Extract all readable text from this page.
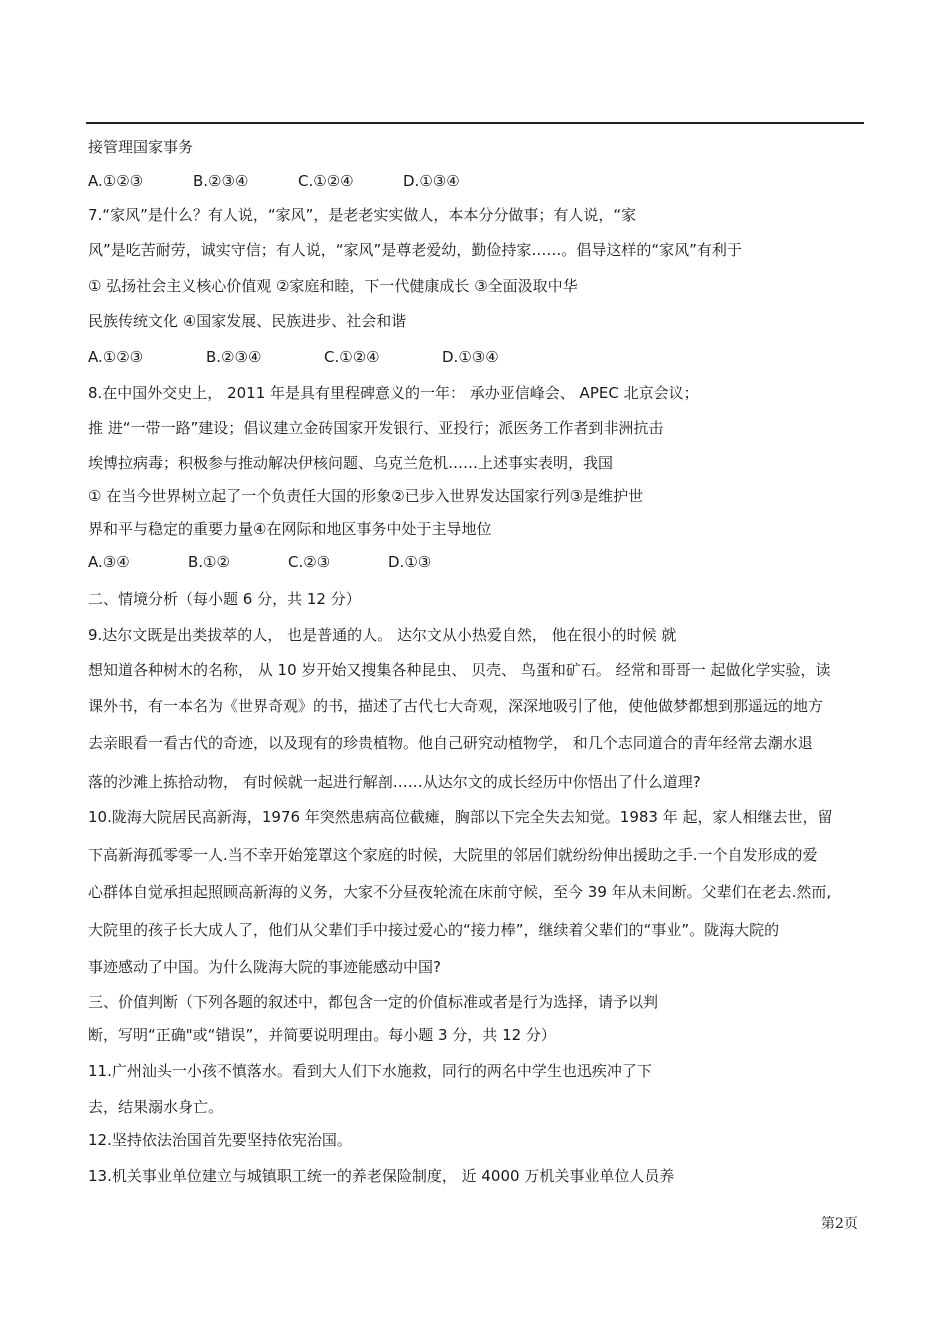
接管理国家事务

A.①②③	B.②③④	C.①②④	D.①③④

7.“家风”是什么？有人说，“家风”，是老老实实做人，本本分分做事；有人说，“家

风”是吃苦耐劳，诚实守信；有人说，“家风”是尊老爱幼，勤俭持家……。倡导这样的“家风”有利于

① 弘扬社会主义核心价值观 ②家庭和睦，下一代健康成长 ③全面汲取中华

民族传统文化 ④国家发展、民族进步、社会和谐

A.①②③	B.②③④	C.①②④	D.①③④

8.在中国外交史上， 2011 年是具有里程碑意义的一年： 承办亚信峰会、 APEC 北京会议；

推 进“一带一路”建设；倡议建立金砖国家开发银行、亚投行；派医务工作者到非洲抗击

埃博拉病毒；积极参与推动解决伊核问题、乌克兰危机……上述事实表明，我国

① 在当今世界树立起了一个负责任大国的形象②已步入世界发达国家行列③是维护世

界和平与稳定的重要力量④在网际和地区事务中处于主导地位

A.③④	B.①②	C.②③	D.①③

二、情境分析（每小题 6 分，共 12 分）

9.达尔文既是出类拔萃的人， 也是普通的人。 达尔文从小热爱自然， 他在很小的时候 就

想知道各种树木的名称， 从 10 岁开始又搜集各种昆虫、 贝壳、 鸟蛋和矿石。 经常和哥哥一 起做化学实验，读

课外书，有一本名为《世界奇观》的书，描述了古代七大奇观，深深地吸引了他，使他做梦都想到那遥远的地方

去亲眼看一看古代的奇迹，以及现有的珍贵植物。他自己研究动植物学， 和几个志同道合的青年经常去潮水退

落的沙滩上拣拾动物， 有时候就一起进行解剖……从达尔文的成长经历中你悟出了什么道理?

10.陇海大院居民高新海，1976 年突然患病高位截瘫，胸部以下完全失去知觉。1983 年 起，家人相继去世，留

下高新海孤零零一人.当不幸开始笼罩这个家庭的时候，大院里的邻居们就纷纷伸出援助之手.一个自发形成的爱

心群体自觉承担起照顾高新海的义务，大家不分昼夜轮流在床前守候，至今 39 年从未间断。父辈们在老去.然而,

大院里的孩子长大成人了，他们从父辈们手中接过爱心的“接力棒”，继续着父辈们的“事业”。陇海大院的

事迹感动了中国。为什么陇海大院的事迹能感动中国?

三、价值判断（下列各题的叙述中，都包含一定的价值标准或者是行为选择，请予以判

断，写明“正确"或“错误”，并简要说明理由。每小题 3 分，共 12 分）

11.广州汕头一小孩不慎落水。看到大人们下水施救，同行的两名中学生也迅疾冲了下

去，结果溺水身亡。

12.坚持依法治国首先要坚持依宪治国。

13.机关事业单位建立与城镇职工统一的养老保险制度， 近 4000 万机关事业单位人员养

第2页
